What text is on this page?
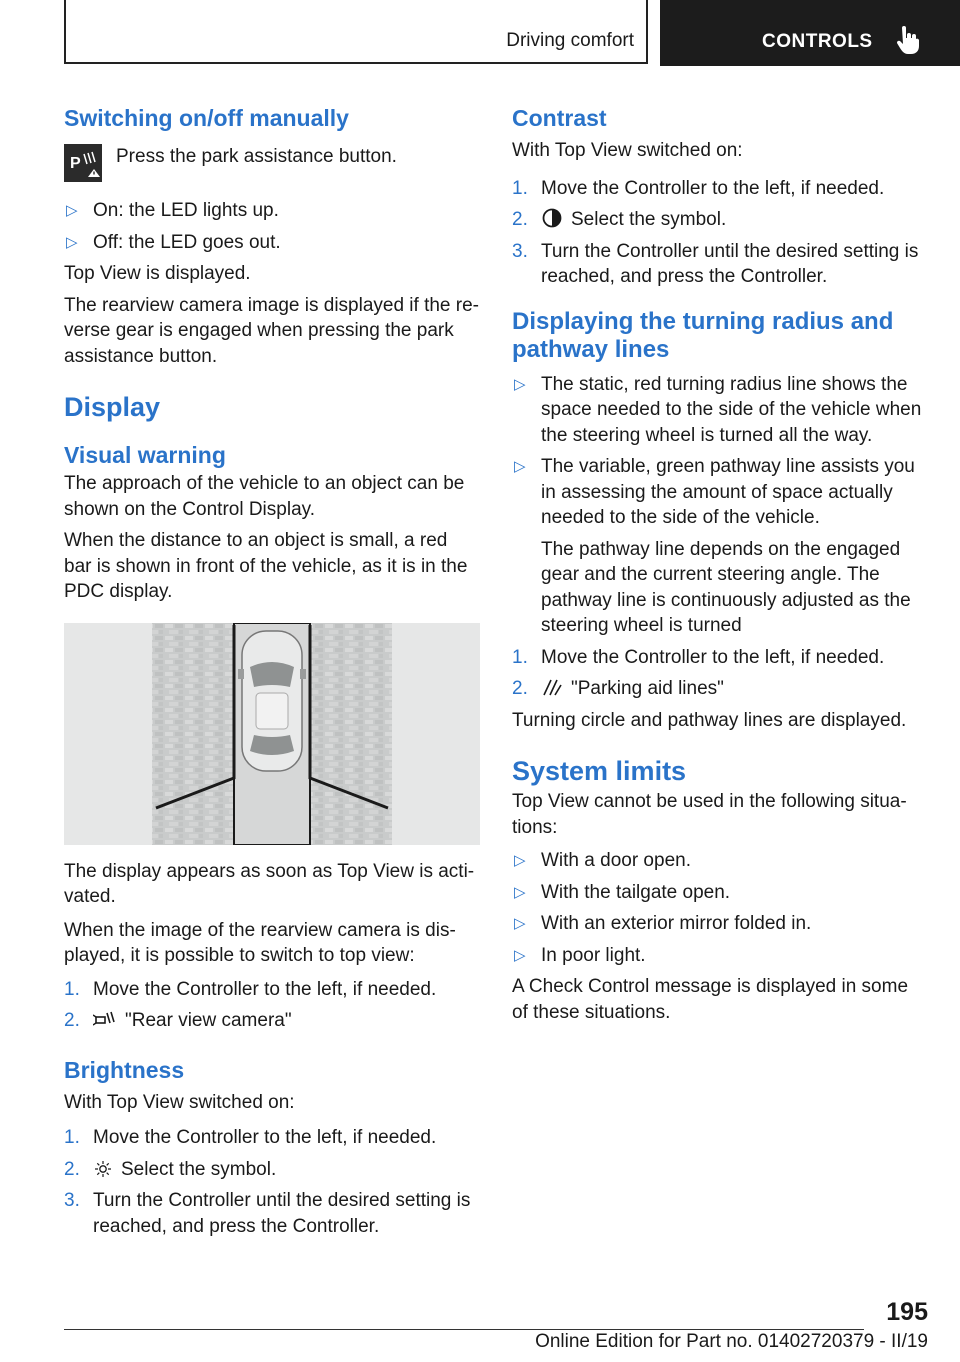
Driving comfort	CONTROLS
Switching on/off manually
P	Press the park assistance button.

▷ On: the LED lights up.
▷ Off: the LED goes out.

Top View is displayed.

The rearview camera image is displayed if the re‐verse gear is engaged when pressing the park assistance button.

Display
Visual warning

The approach of the vehicle to an object can be shown on the Control Display.

When the distance to an object is small, a red bar is shown in front of the vehicle, as it is in the PDC display.

The display appears as soon as Top View is acti‐vated.

When the image of the rearview camera is dis‐played, it is possible to switch to top view:

1. Move the Controller to the left, if needed.
2. "Rear view camera"
Brightness

With Top View switched on:

1. Move the Controller to the left, if needed.
2. Select the symbol.
3. Turn the Controller until the desired setting is reached, and press the Controller.
Contrast

With Top View switched on:

1. Move the Controller to the left, if needed.
2. Select the symbol.
3. Turn the Controller until the desired setting is reached, and press the Controller.
Displaying the turning radius and pathway lines
▷ The static, red turning radius line shows the space needed to the side of the vehicle when the steering wheel is turned all the way.
▷ The variable, green pathway line assists you in assessing the amount of space actually needed to the side of the vehicle.

The pathway line depends on the engaged gear and the current steering angle. The pathway line is continuously adjusted as the steering wheel is turned

1. Move the Controller to the left, if needed.
2. "Parking aid lines"

Turning circle and pathway lines are displayed.

System limits

Top View cannot be used in the following situa‐tions:

▷ With a door open.
▷ With the tailgate open.
▷ With an exterior mirror folded in.
▷ In poor light.

A Check Control message is displayed in some of these situations.

195
Online Edition for Part no. 01402720379 - II/19
